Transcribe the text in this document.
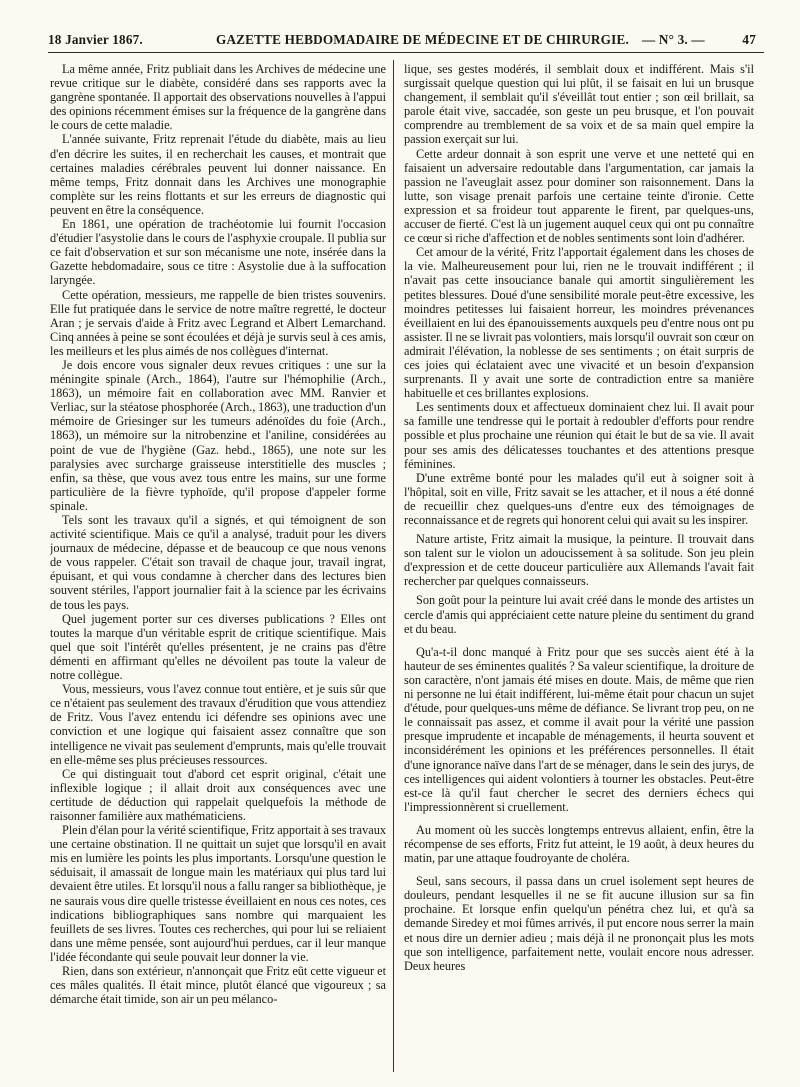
18 Janvier 1867.	GAZETTE HEBDOMADAIRE DE MÉDECINE ET DE CHIRURGIE. — N° 3. —	47

La même année, Fritz publiait dans les Archives de médecine une revue critique sur le diabète, considéré dans ses rapports avec la gangrène spontanée. Il apportait des observations nouvelles à l'appui des opinions récemment émises sur la fréquence de la gangrène dans le cours de cette maladie.

L'année suivante, Fritz reprenait l'étude du diabète, mais au lieu d'en décrire les suites, il en recherchait les causes, et montrait que certaines maladies cérébrales peuvent lui donner naissance. En même temps, Fritz donnait dans les Archives une monographie complète sur les reins flottants et sur les erreurs de diagnostic qui peuvent en être la conséquence.

En 1861, une opération de trachéotomie lui fournit l'occasion d'étudier l'asystolie dans le cours de l'asphyxie croupale. Il publia sur ce fait d'observation et sur son mécanisme une note, insérée dans la Gazette hebdomadaire, sous ce titre : Asystolie due à la suffocation laryngée.

Cette opération, messieurs, me rappelle de bien tristes souvenirs. Elle fut pratiquée dans le service de notre maître regretté, le docteur Aran ; je servais d'aide à Fritz avec Legrand et Albert Lemarchand. Cinq années à peine se sont écoulées et déjà je survis seul à ces amis, les meilleurs et les plus aimés de nos collègues d'internat.

Je dois encore vous signaler deux revues critiques : une sur la méningite spinale (Arch., 1864), l'autre sur l'hémophilie (Arch., 1863), un mémoire fait en collaboration avec MM. Ranvier et Verliac, sur la stéatose phosphorée (Arch., 1863), une traduction d'un mémoire de Griesinger sur les tumeurs adénoïdes du foie (Arch., 1863), un mémoire sur la nitrobenzine et l'aniline, considérées au point de vue de l'hygiène (Gaz. hebd., 1865), une note sur les paralysies avec surcharge graisseuse interstitielle des muscles ; enfin, sa thèse, que vous avez tous entre les mains, sur une forme particulière de la fièvre typhoïde, qu'il propose d'appeler forme spinale.

Tels sont les travaux qu'il a signés, et qui témoignent de son activité scientifique. Mais ce qu'il a analysé, traduit pour les divers journaux de médecine, dépasse et de beaucoup ce que nous venons de vous rappeler. C'était son travail de chaque jour, travail ingrat, épuisant, et qui vous condamne à chercher dans des lectures bien souvent stériles, l'apport journalier fait à la science par les écrivains de tous les pays.

Quel jugement porter sur ces diverses publications ? Elles ont toutes la marque d'un véritable esprit de critique scientifique. Mais quel que soit l'intérêt qu'elles présentent, je ne crains pas d'être démenti en affirmant qu'elles ne dévoilent pas toute la valeur de notre collègue.

Vous, messieurs, vous l'avez connue tout entière, et je suis sûr que ce n'étaient pas seulement des travaux d'érudition que vous attendiez de Fritz. Vous l'avez entendu ici défendre ses opinions avec une conviction et une logique qui faisaient assez connaître que son intelligence ne vivait pas seulement d'emprunts, mais qu'elle trouvait en elle-même ses plus précieuses ressources.

Ce qui distinguait tout d'abord cet esprit original, c'était une inflexible logique ; il allait droit aux conséquences avec une certitude de déduction qui rappelait quelquefois la méthode de raisonner familière aux mathématiciens.

Plein d'élan pour la vérité scientifique, Fritz apportait à ses travaux une certaine obstination. Il ne quittait un sujet que lorsqu'il en avait mis en lumière les points les plus importants. Lorsqu'une question le séduisait, il amassait de longue main les matériaux qui plus tard lui devaient être utiles. Et lorsqu'il nous a fallu ranger sa bibliothèque, je ne saurais vous dire quelle tristesse éveillaient en nous ces notes, ces indications bibliographiques sans nombre qui marquaient les feuillets de ses livres. Toutes ces recherches, qui pour lui se reliaient dans une même pensée, sont aujourd'hui perdues, car il leur manque l'idée fécondante qui seule pouvait leur donner la vie.

Rien, dans son extérieur, n'annonçait que Fritz eût cette vigueur et ces mâles qualités. Il était mince, plutôt élancé que vigoureux ; sa démarche était timide, son air un peu mélanco-

lique, ses gestes modérés, il semblait doux et indifférent. Mais s'il surgissait quelque question qui lui plût, il se faisait en lui un brusque changement, il semblait qu'il s'éveillât tout entier ; son œil brillait, sa parole était vive, saccadée, son geste un peu brusque, et l'on pouvait comprendre au tremblement de sa voix et de sa main quel empire la passion exerçait sur lui.

Cette ardeur donnait à son esprit une verve et une netteté qui en faisaient un adversaire redoutable dans l'argumentation, car jamais la passion ne l'aveuglait assez pour dominer son raisonnement. Dans la lutte, son visage prenait parfois une certaine teinte d'ironie. Cette expression et sa froideur tout apparente le firent, par quelques-uns, accuser de fierté. C'est là un jugement auquel ceux qui ont pu connaître ce cœur si riche d'affection et de nobles sentiments sont loin d'adhérer.

Cet amour de la vérité, Fritz l'apportait également dans les choses de la vie. Malheureusement pour lui, rien ne le trouvait indifférent ; il n'avait pas cette insouciance banale qui amortit singulièrement les petites blessures. Doué d'une sensibilité morale peut-être excessive, les moindres petitesses lui faisaient horreur, les moindres prévenances éveillaient en lui des épanouissements auxquels peu d'entre nous ont pu assister. Il ne se livrait pas volontiers, mais lorsqu'il ouvrait son cœur on admirait l'élévation, la noblesse de ses sentiments ; on était surpris de ces joies qui éclataient avec une vivacité et un besoin d'expansion surprenants. Il y avait une sorte de contradiction entre sa manière habituelle et ces brillantes explosions.

Les sentiments doux et affectueux dominaient chez lui. Il avait pour sa famille une tendresse qui le portait à redoubler d'efforts pour rendre possible et plus prochaine une réunion qui était le but de sa vie. Il avait pour ses amis des délicatesses touchantes et des attentions presque féminines.

D'une extrême bonté pour les malades qu'il eut à soigner soit à l'hôpital, soit en ville, Fritz savait se les attacher, et il nous a été donné de recueillir chez quelques-uns d'entre eux des témoignages de reconnaissance et de regrets qui honorent celui qui avait su les inspirer.

Nature artiste, Fritz aimait la musique, la peinture. Il trouvait dans son talent sur le violon un adoucissement à sa solitude. Son jeu plein d'expression et de cette douceur particulière aux Allemands l'avait fait rechercher par quelques connaisseurs.

Son goût pour la peinture lui avait créé dans le monde des artistes un cercle d'amis qui appréciaient cette nature pleine du sentiment du grand et du beau.

Qu'a-t-il donc manqué à Fritz pour que ses succès aient été à la hauteur de ses éminentes qualités ? Sa valeur scientifique, la droiture de son caractère, n'ont jamais été mises en doute. Mais, de même que rien ni personne ne lui était indifférent, lui-même était pour chacun un sujet d'étude, pour quelques-uns même de défiance. Se livrant trop peu, on ne le connaissait pas assez, et comme il avait pour la vérité une passion presque imprudente et incapable de ménagements, il heurta souvent et inconsidérément les opinions et les préférences personnelles. Il était d'une ignorance naïve dans l'art de se ménager, dans le sein des jurys, de ces intelligences qui aident volontiers à tourner les obstacles. Peut-être est-ce là qu'il faut chercher le secret des derniers échecs qui l'impressionnèrent si cruellement.

Au moment où les succès longtemps entrevus allaient, enfin, être la récompense de ses efforts, Fritz fut atteint, le 19 août, à deux heures du matin, par une attaque foudroyante de choléra.

Seul, sans secours, il passa dans un cruel isolement sept heures de douleurs, pendant lesquelles il ne se fit aucune illusion sur sa fin prochaine. Et lorsque enfin quelqu'un pénétra chez lui, et qu'à sa demande Siredey et moi fûmes arrivés, il put encore nous serrer la main et nous dire un dernier adieu ; mais déjà il ne prononçait plus les mots que son intelligence, parfaitement nette, voulait encore nous adresser. Deux heures
